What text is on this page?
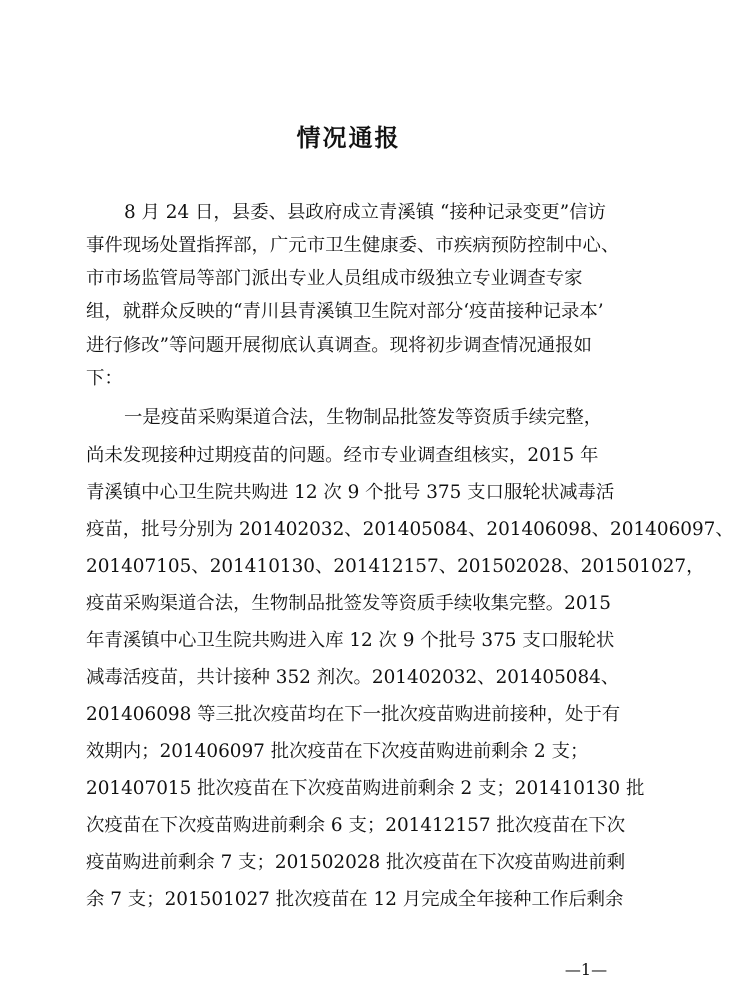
情况通报
8 月 24 日，县委、县政府成立青溪镇 “接种记录变更”信访
事件现场处置指挥部，广元市卫生健康委、市疾病预防控制中心、
市市场监管局等部门派出专业人员组成市级独立专业调查专家
组，就群众反映的“青川县青溪镇卫生院对部分‘疫苗接种记录本’
进行修改”等问题开展彻底认真调查。现将初步调查情况通报如
下：
一是疫苗采购渠道合法，生物制品批签发等资质手续完整，
尚未发现接种过期疫苗的问题。经市专业调查组核实，2015 年
青溪镇中心卫生院共购进 12 次 9 个批号 375 支口服轮状减毒活
疫苗，批号分别为 201402032、201405084、201406098、201406097、
201407105、201410130、201412157、201502028、201501027，
疫苗采购渠道合法，生物制品批签发等资质手续收集完整。2015
年青溪镇中心卫生院共购进入库 12 次 9 个批号 375 支口服轮状
减毒活疫苗，共计接种 352 剂次。201402032、201405084、
201406098 等三批次疫苗均在下一批次疫苗购进前接种，处于有
效期内；201406097 批次疫苗在下次疫苗购进前剩余 2 支；
201407015 批次疫苗在下次疫苗购进前剩余 2 支；201410130 批
次疫苗在下次疫苗购进前剩余 6 支；201412157 批次疫苗在下次
疫苗购进前剩余 7 支；201502028 批次疫苗在下次疫苗购进前剩
余 7 支；201501027 批次疫苗在 12 月完成全年接种工作后剩余
—1—
